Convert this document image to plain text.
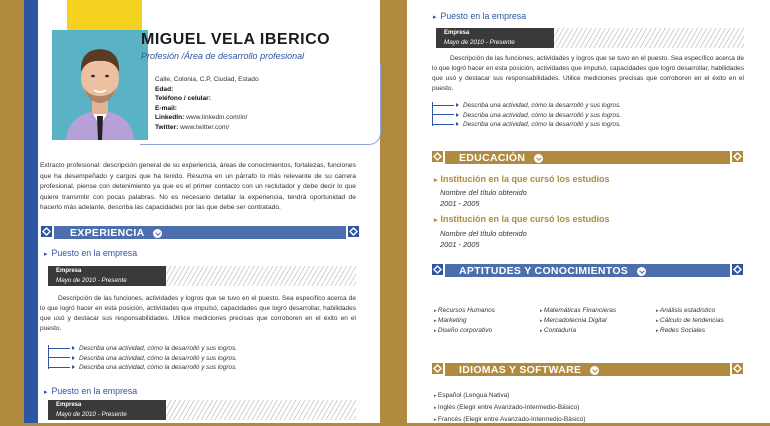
MIGUEL VELA IBERICO
Profesión /Área de desarrollo profesional
Calle, Colonia, C.P, Ciudad, Estado
Edad:
Teléfono / celular:
E-mail:
LinkedIn: www.linkedin.com/in/
Twitter: www.twitter.com/
Extracto profesional: descripción general de su experiencia, áreas de conocimientos, fortalezas, funciones que ha desempeñado y cargos que ha tenido. Resuma en un párrafo lo más relevante de su carrera profesional, piense con detenimiento ya que es el primer contacto con un reclutador y debe decir lo que quiere transmitir con pocas palabras. No es necesario detallar la experiencia, tendrá oportunidad de hacerlo más adelante, describa las capacidades por las que debe ser contratado.
EXPERIENCIA
▸ Puesto en la empresa
Empresa
Mayo de 2010 - Presente
Descripción de las funciones, actividades y logros que se tuvo en el puesto. Sea específico acerca de lo que logró hacer en esta posición, actividades que impulsó, capacidades que logró desarrollar, habilidades que usó y destacar sus responsabilidades. Utilice mediciones precisas que corroboren en el éxito en el puesto.
Describa una actividad, cómo la desarrolló y sus logros.
Describa una actividad, cómo la desarrolló y sus logros.
Describa una actividad, cómo la desarrolló y sus logros.
▸ Puesto en la empresa
Empresa
Mayo de 2010 - Presente
▸ Puesto en la empresa
Empresa
Mayo de 2010 - Presente
Descripción de las funciones, actividades y logros que se tuvo en el puesto. Sea específico acerca de lo que logró hacer en esta posición, actividades que impulsó, capacidades que logró desarrollar, habilidades que usó y destacar sus responsabilidades. Utilice mediciones precisas que corroboren en el éxito en el puesto.
Describa una actividad, cómo la desarrolló y sus logros.
Describa una actividad, cómo la desarrolló y sus logros.
Describa una actividad, cómo la desarrolló y sus logros.
EDUCACIÓN
▸ Institución en la que cursó los estudios
Nombre del título obtenido
2001 - 2005
▸ Institución en la que cursó los estudios
Nombre del título obtenido
2001 - 2005
APTITUDES Y CONOCIMIENTOS
▸ Recursos Humanos
▸ Marketing
▸ Diseño corporativo
▸ Matemáticas Financieras
▸ Mercadotecnia Digital
▸ Contaduría
▸ Análisis estadístico
▸ Cálculo de tendencias
▸ Redes Sociales
IDIOMAS Y SOFTWARE
▸ Español (Lengua Nativa)
▸ Inglés (Elegir entre Avanzado-Intermedio-Básico)
▸ Francés (Elegir entre Avanzado-Intermedio-Básico)
